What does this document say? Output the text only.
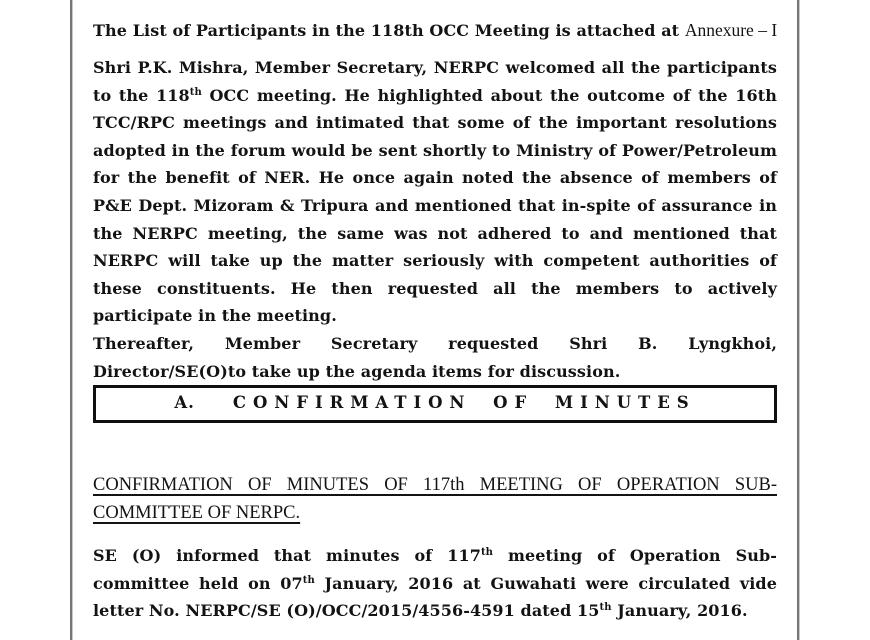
The List of Participants in the 118th OCC Meeting is attached at Annexure – I

Shri P.K. Mishra, Member Secretary, NERPC welcomed all the participants to the 118th OCC meeting. He highlighted about the outcome of the 16th TCC/RPC meetings and intimated that some of the important resolutions adopted in the forum would be sent shortly to Ministry of Power/Petroleum for the benefit of NER. He once again noted the absence of members of P&E Dept. Mizoram & Tripura and mentioned that in-spite of assurance in the NERPC meeting, the same was not adhered to and mentioned that NERPC will take up the matter seriously with competent authorities of these constituents. He then requested all the members to actively participate in the meeting.

Thereafter, Member Secretary requested Shri B. Lyngkhoi, Director/SE(O)to take up the agenda items for discussion.

A. CONFIRMATION OF MINUTES
CONFIRMATION OF MINUTES OF 117th MEETING OF OPERATION SUB-
COMMITTEE OF NERPC.

SE (O) informed that minutes of 117th meeting of Operation Sub-committee held on 07th January, 2016 at Guwahati were circulated vide letter No. NERPC/SE (O)/OCC/2015/4556-4591 dated 15th January, 2016.
